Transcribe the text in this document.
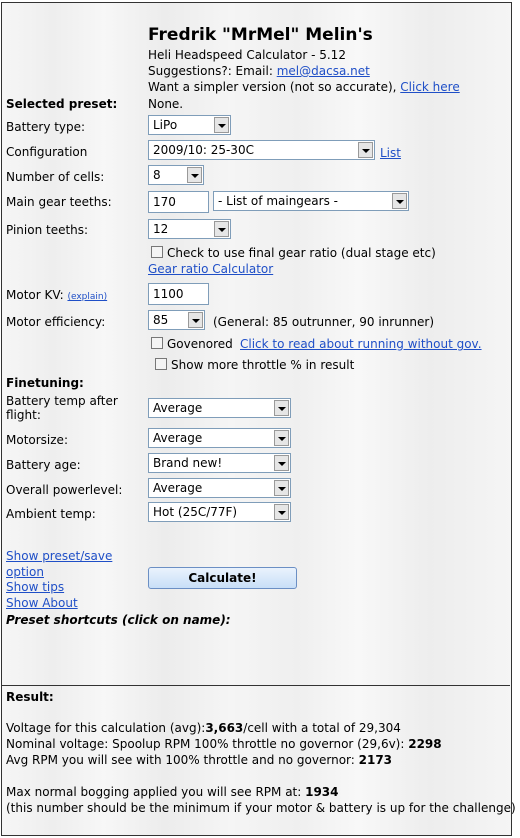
Fredrik "MrMel" Melin's
Heli Headspeed Calculator - 5.12
Suggestions?: Email: mel@dacsa.net
Want a simpler version (not so accurate), Click here
Selected preset:	None.
Battery type:	LiPo
Configuration	2009/10: 25-30C	List
Number of cells:	8
Main gear teeths:	170	- List of maingears -
Pinion teeths:	12
Check to use final gear ratio (dual stage etc)
Gear ratio Calculator
Motor KV: (explain)	1100
Motor efficiency:	85	(General: 85 outrunner, 90 inrunner)
Govenored Click to read about running without gov.
Show more throttle % in result
Finetuning:
Battery temp after flight:	Average
Motorsize:	Average
Battery age:	Brand new!
Overall powerlevel:	Average
Ambient temp:	Hot (25C/77F)
Show preset/save option
Show tips
Show About
Calculate!
Preset shortcuts (click on name):
Result:
Voltage for this calculation (avg):3,663/cell with a total of 29,304
Nominal voltage: Spoolup RPM 100% throttle no governor (29,6v): 2298
Avg RPM you will see with 100% throttle and no governor: 2173
Max normal bogging applied you will see RPM at: 1934
(this number should be the minimum if your motor & battery is up for the challenge)
